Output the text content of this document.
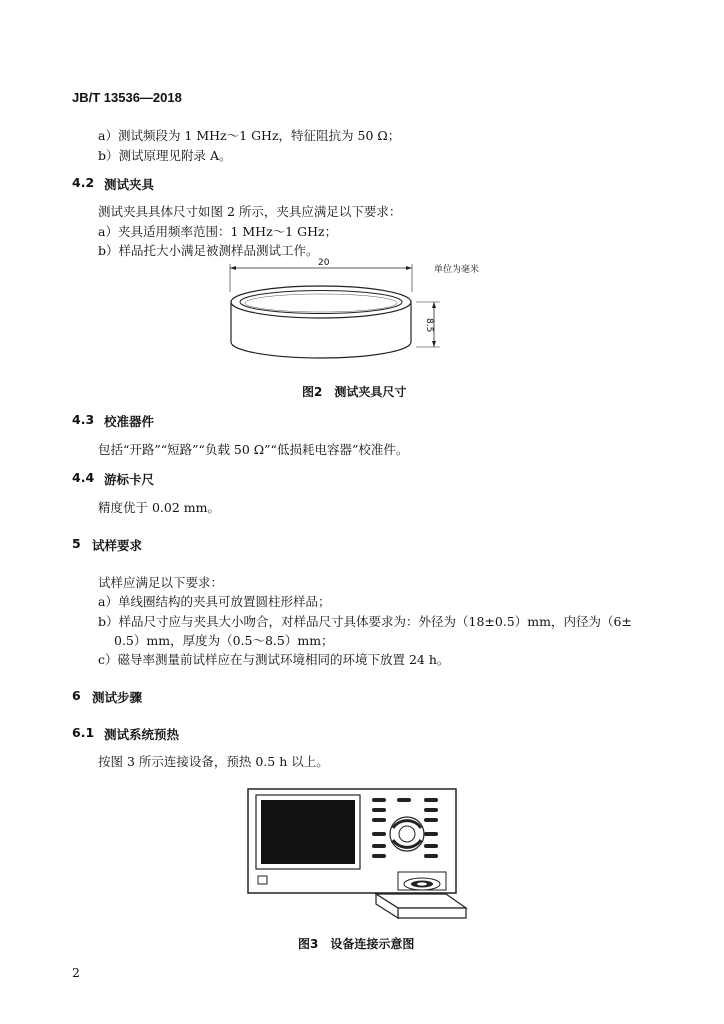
JB/T 13536—2018
a）测试频段为 1 MHz～1 GHz，特征阻抗为 50 Ω；
b）测试原理见附录 A。
4.2 测试夹具
测试夹具具体尺寸如图 2 所示，夹具应满足以下要求：
a）夹具适用频率范围：1 MHz～1 GHz；
b）样品托大小满足被测样品测试工作。
单位为毫米
20
8.5
图2　测试夹具尺寸
4.3 校准器件
包括“开路”“短路”“负载 50 Ω”“低损耗电容器”校准件。
4.4 游标卡尺
精度优于 0.02 mm。
5 试样要求
试样应满足以下要求：
a）单线圈结构的夹具可放置圆柱形样品；
b）样品尺寸应与夹具大小吻合，对样品尺寸具体要求为：外径为（18±0.5）mm，内径为（6±
0.5）mm，厚度为（0.5～8.5）mm；
c）磁导率测量前试样应在与测试环境相同的环境下放置 24 h。
6 测试步骤
6.1 测试系统预热
按图 3 所示连接设备，预热 0.5 h 以上。
图3　设备连接示意图
2
